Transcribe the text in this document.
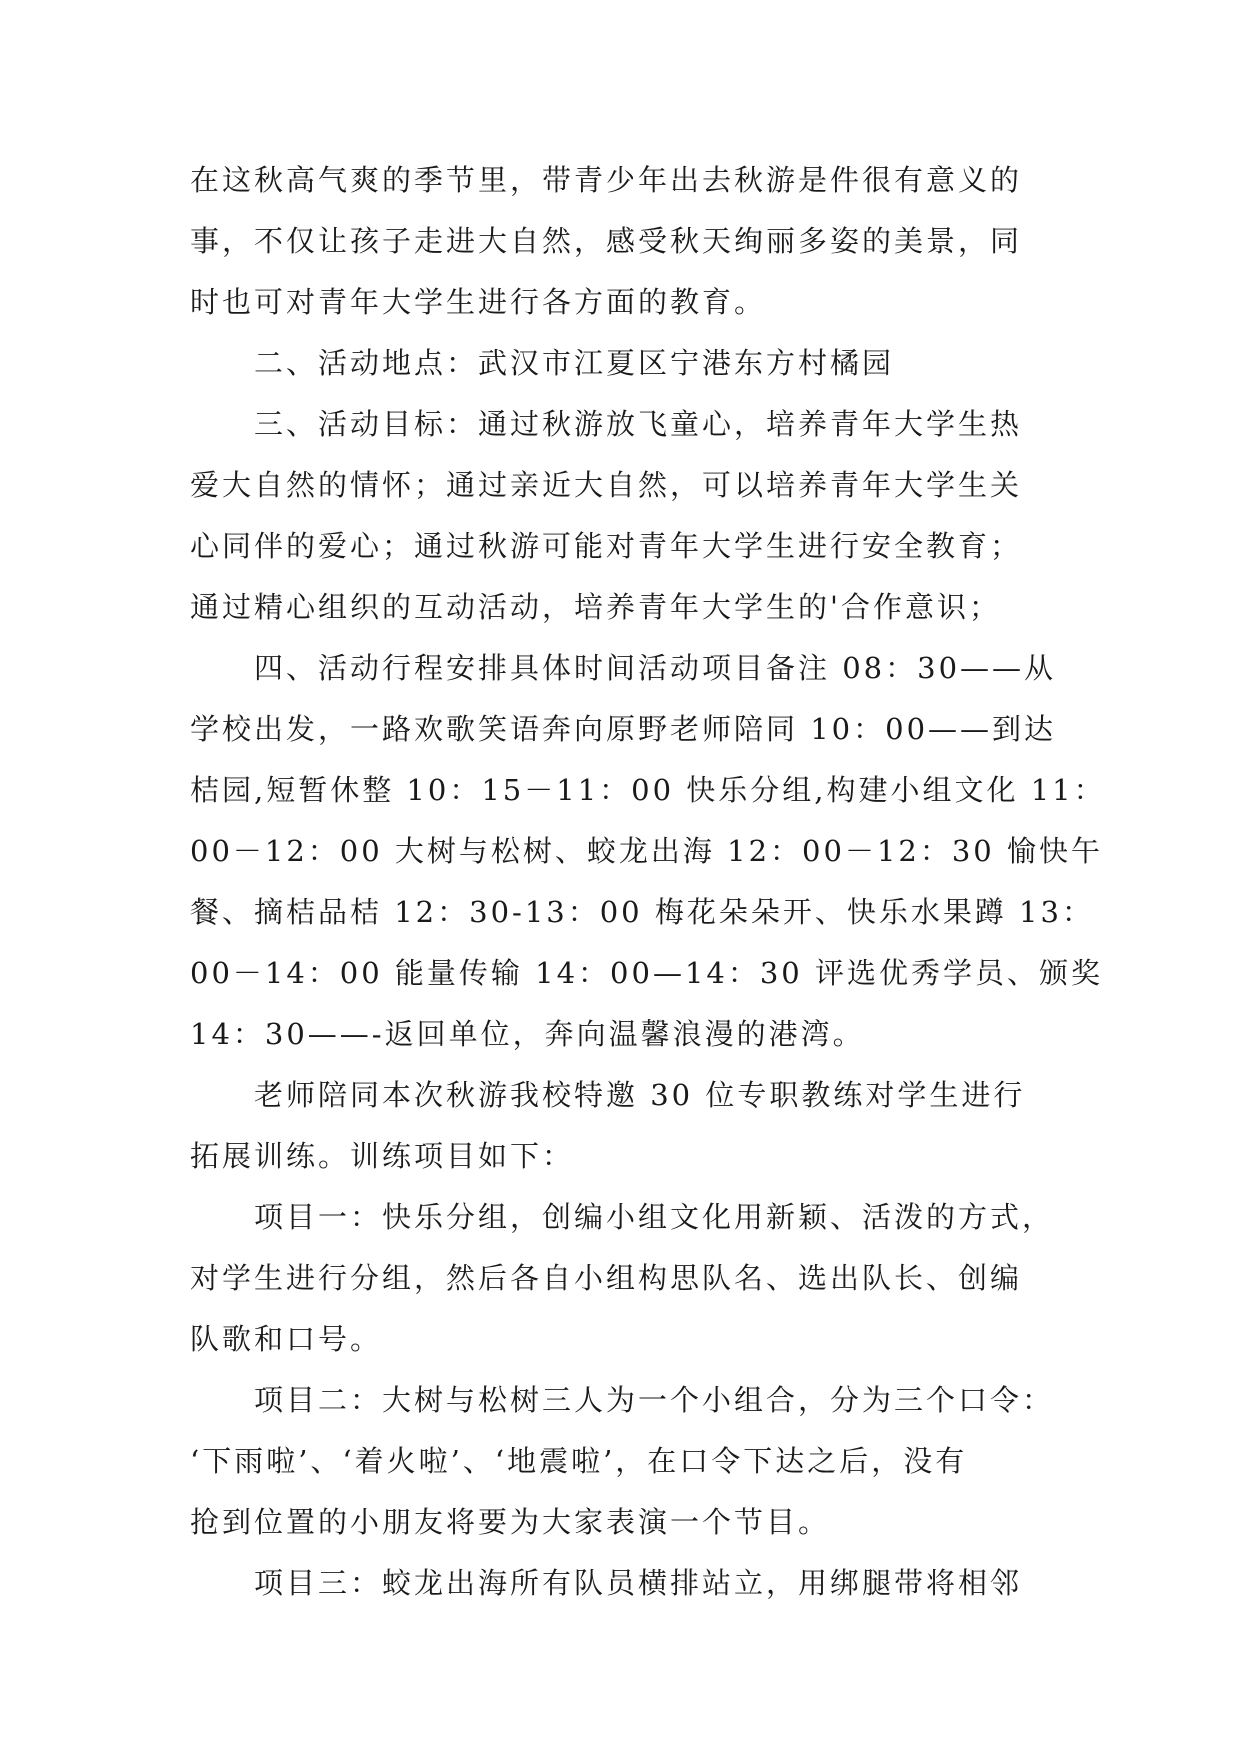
在这秋高气爽的季节里，带青少年出去秋游是件很有意义的
事，不仅让孩子走进大自然，感受秋天绚丽多姿的美景，同
时也可对青年大学生进行各方面的教育。

二、活动地点：武汉市江夏区宁港东方村橘园

三、活动目标：通过秋游放飞童心，培养青年大学生热
爱大自然的情怀；通过亲近大自然，可以培养青年大学生关
心同伴的爱心；通过秋游可能对青年大学生进行安全教育；
通过精心组织的互动活动，培养青年大学生的'合作意识；

四、活动行程安排具体时间活动项目备注 08：30——从
学校出发，一路欢歌笑语奔向原野老师陪同 10：00——到达
桔园,短暂休整 10：15－11：00 快乐分组,构建小组文化 11：
00－12：00 大树与松树、蛟龙出海 12：00－12：30 愉快午
餐、摘桔品桔 12：30-13：00 梅花朵朵开、快乐水果蹲 13：
00－14：00 能量传输 14：00—14：30 评选优秀学员、颁奖
14：30——-返回单位，奔向温馨浪漫的港湾。

老师陪同本次秋游我校特邀 30 位专职教练对学生进行
拓展训练。训练项目如下：

项目一：快乐分组，创编小组文化用新颖、活泼的方式，
对学生进行分组，然后各自小组构思队名、选出队长、创编
队歌和口号。

项目二：大树与松树三人为一个小组合，分为三个口令：
‘下雨啦’、‘着火啦’、‘地震啦’，在口令下达之后，没有
抢到位置的小朋友将要为大家表演一个节目。

项目三：蛟龙出海所有队员横排站立，用绑腿带将相邻
